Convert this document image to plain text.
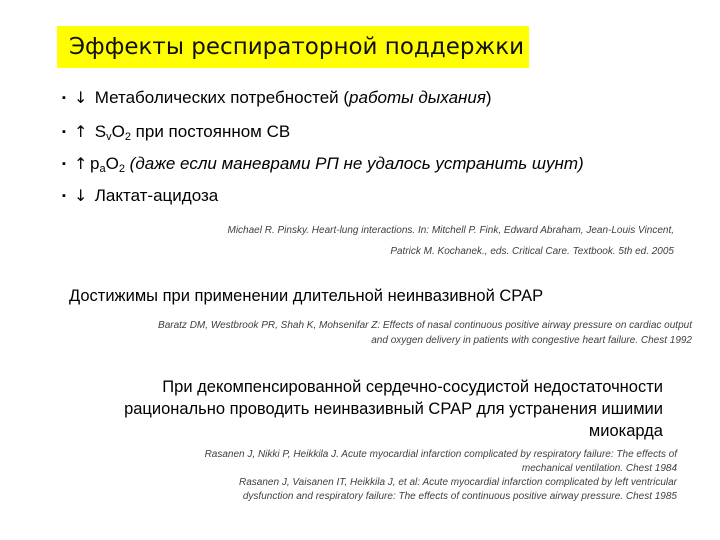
Эффекты респираторной поддержки
▪ ↓ Метаболических потребностей (работы дыхания)
▪ ↑ $S_vO_2$ при постоянном СВ
▪ ↑ $p_aO_2$ (даже если маневрами РП не удалось устранить шунт)
▪ ↓ Лактат-ацидоза
Michael R. Pinsky. Heart-lung interactions. In: Mitchell P. Fink, Edward Abraham, Jean-Louis Vincent,
Patrick M. Kochanek., eds. Critical Care. Textbook. 5th ed. 2005
Достижимы при применении длительной неинвазивной CPAP
Baratz DM, Westbrook PR, Shah K, Mohsenifar Z: Effects of nasal continuous positive airway pressure on cardiac output
and oxygen delivery in patients with congestive heart failure. Chest 1992
При декомпенсированной сердечно-сосудистой недостаточности
рационально проводить неинвазивный CPAP для устранения ишимии
миокарда
Rasanen J, Nikki P, Heikkila J. Acute myocardial infarction complicated by respiratory failure: The effects of
mechanical ventilation. Chest 1984
Rasanen J, Vaisanen IT, Heikkila J, et al: Acute myocardial infarction complicated by left ventricular
dysfunction and respiratory failure: The effects of continuous positive airway pressure. Chest 1985
